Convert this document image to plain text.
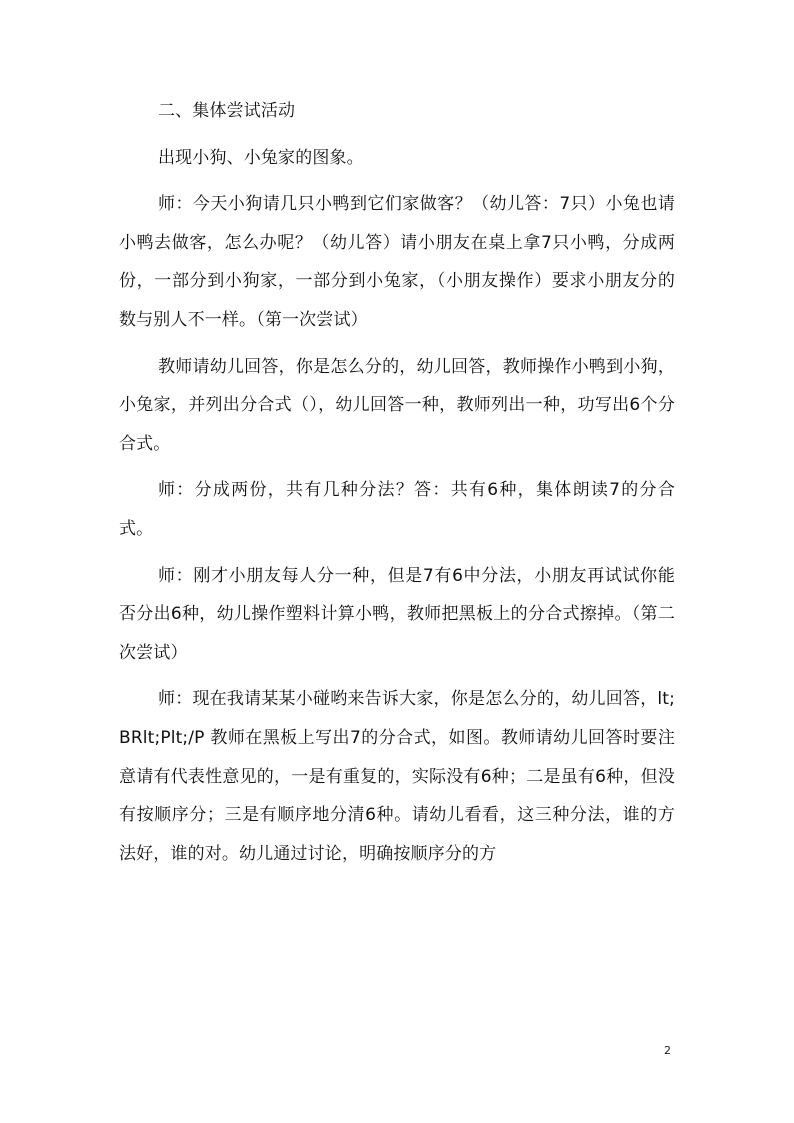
二、集体尝试活动

出现小狗、小兔家的图象。

师：今天小狗请几只小鸭到它们家做客？（幼儿答：7只）小兔也请小鸭去做客，怎么办呢？（幼儿答）请小朋友在桌上拿7只小鸭，分成两份，一部分到小狗家，一部分到小兔家，（小朋友操作）要求小朋友分的数与别人不一样。（第一次尝试）

教师请幼儿回答，你是怎么分的，幼儿回答，教师操作小鸭到小狗，小兔家，并列出分合式（），幼儿回答一种，教师列出一种，功写出6个分合式。

师：分成两份，共有几种分法？答：共有6种，集体朗读7的分合式。

师：刚才小朋友每人分一种，但是7有6中分法，小朋友再试试你能否分出6种，幼儿操作塑料计算小鸭，教师把黑板上的分合式擦掉。（第二次尝试）

师：现在我请某某小碰哟来告诉大家，你是怎么分的，幼儿回答，lt;BRlt;Plt;/P 教师在黑板上写出7的分合式，如图。教师请幼儿回答时要注意请有代表性意见的，一是有重复的，实际没有6种；二是虽有6种，但没有按顺序分；三是有顺序地分清6种。请幼儿看看，这三种分法，谁的方法好，谁的对。幼儿通过讨论，明确按顺序分的方

2
